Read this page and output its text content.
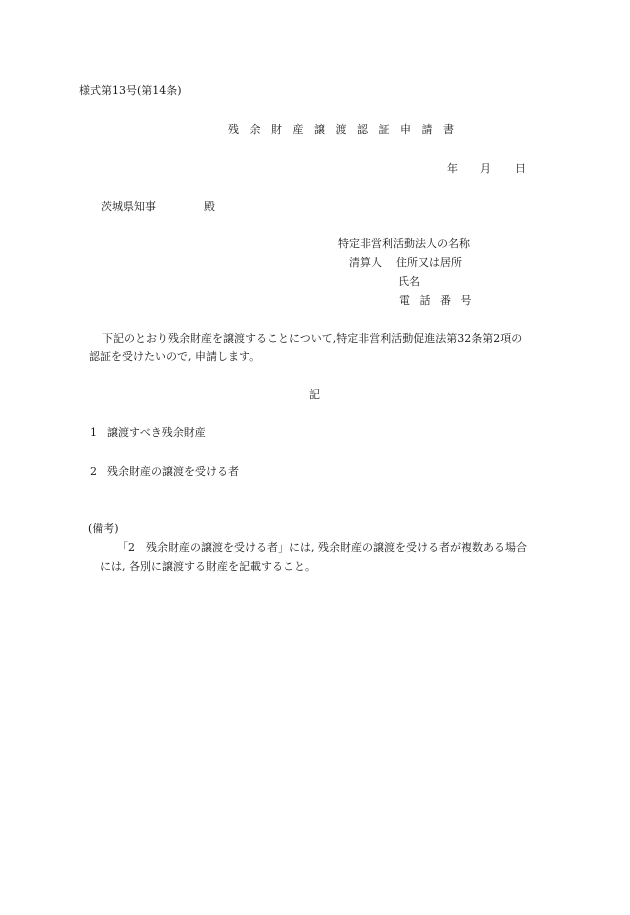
様式第13号(第14条)
残 余 財 産 譲 渡 認 証 申 請 書
年 月 日
茨城県知事	殿
特定非営利活動法人の名称
清算人 住所又は居所
氏名
電 話 番 号
下記のとおり残余財産を譲渡することについて,特定非営利活動促進法第32条第2項の
認証を受けたいので, 申請します。
記
1 譲渡すべき残余財産
2 残余財産の譲渡を受ける者
(備考)
「2　残余財産の譲渡を受ける者」には, 残余財産の譲渡を受ける者が複数ある場合
には, 各別に譲渡する財産を記載すること。
